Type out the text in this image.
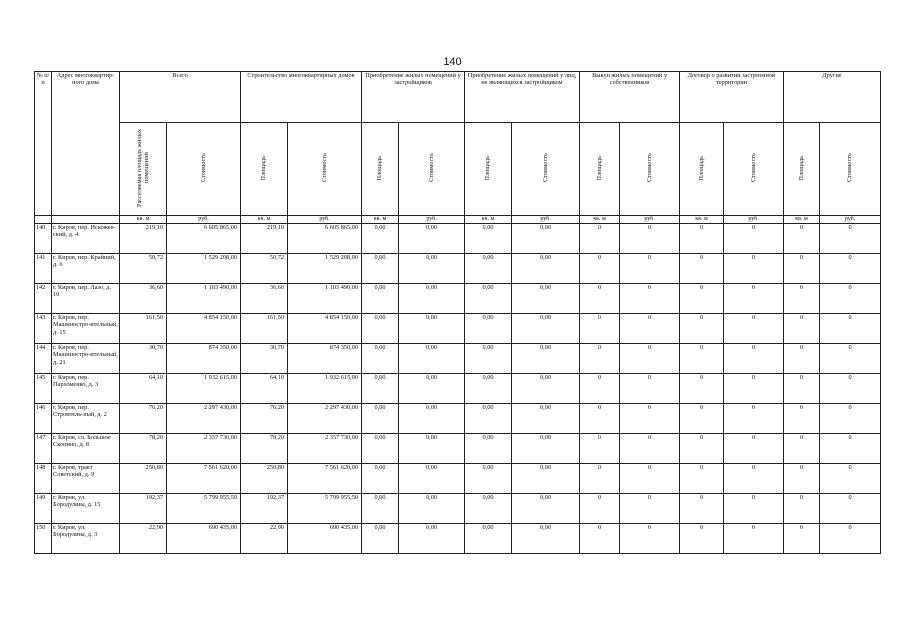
140
№ п/п	Адрес многоквартир-ного дома	Всего		Строительство многоквартирных домов		Приобретение жилых помещений у застройщиков		Приобретение жилых помещений у лиц, не являющихся застройщиком		Выкуп жилых помещений у собственников		Договор о развитии застроенной территории		Другие	
		Расселяемая площадь жилых помещений	Стоимость	Площадь	Стоимость	Площадь	Стоимость	Площадь	Стоимость	Площадь	Стоимость	Площадь	Стоимость	Площадь	Стоимость
		кв. м	руб.	кв. м	руб.	кв. м	руб.	кв. м	руб.	кв. м	руб.	кв. м	руб.	кв. м	руб.
140	г. Киров, пер. Искожев-ский, д. 4	219,10	6 605 865,00	219,10	6 605 865,00	0,00	0,00	0,00	0,00	0	0	0	0	0	0
141	г. Киров, пер. Крайний, д. 6	50,72	1 529 208,00	50,72	1 529 208,00	0,00	0,00	0,00	0,00	0	0	0	0	0	0
142	г. Киров, пер. Лазо, д. 10	36,60	1 103 490,00	36,60	1 103 490,00	0,00	0,00	0,00	0,00	0	0	0	0	0	0
143	г. Киров, пер. Машиностро-ительный, д. 15	161,50	4 854 150,00	161,50	4 854 150,00	0,00	0,00	0,00	0,00	0	0	0	0	0	0
144	г. Киров, пер. Машиностро-ительный, д. 21	30,70	874 350,00	30,70	874 350,00	0,00	0,00	0,00	0,00	0	0	0	0	0	0
145	г. Киров, пер. Пархоменко, д. 3	64,10	1 932 615,00	64,10	1 932 615,00	0,00	0,00	0,00	0,00	0	0	0	0	0	0
146	г. Киров, пер. Строитель-ный, д. 2	76,20	2 297 430,00	76,20	2 297 430,00	0,00	0,00	0,00	0,00	0	0	0	0	0	0
147	г. Киров, сл. Большое Скопино, д. 8	78,20	2 357 730,00	78,20	2 357 730,00	0,00	0,00	0,00	0,00	0	0	0	0	0	0
148	г. Киров, тракт Советский, д. 9	250,80	7 561 620,00	250,80	7 561 620,00	0,00	0,00	0,00	0,00	0	0	0	0	0	0
149	г. Киров, ул. Бородулина, д. 15	192,37	5 799 955,50	192,37	5 799 955,50	0,00	0,00	0,00	0,00	0	0	0	0	0	0
150	г. Киров, ул. Бородулина, д. 3	22,90	690 435,00	22,90	690 435,00	0,00	0,00	0,00	0,00	0	0	0	0	0	0
